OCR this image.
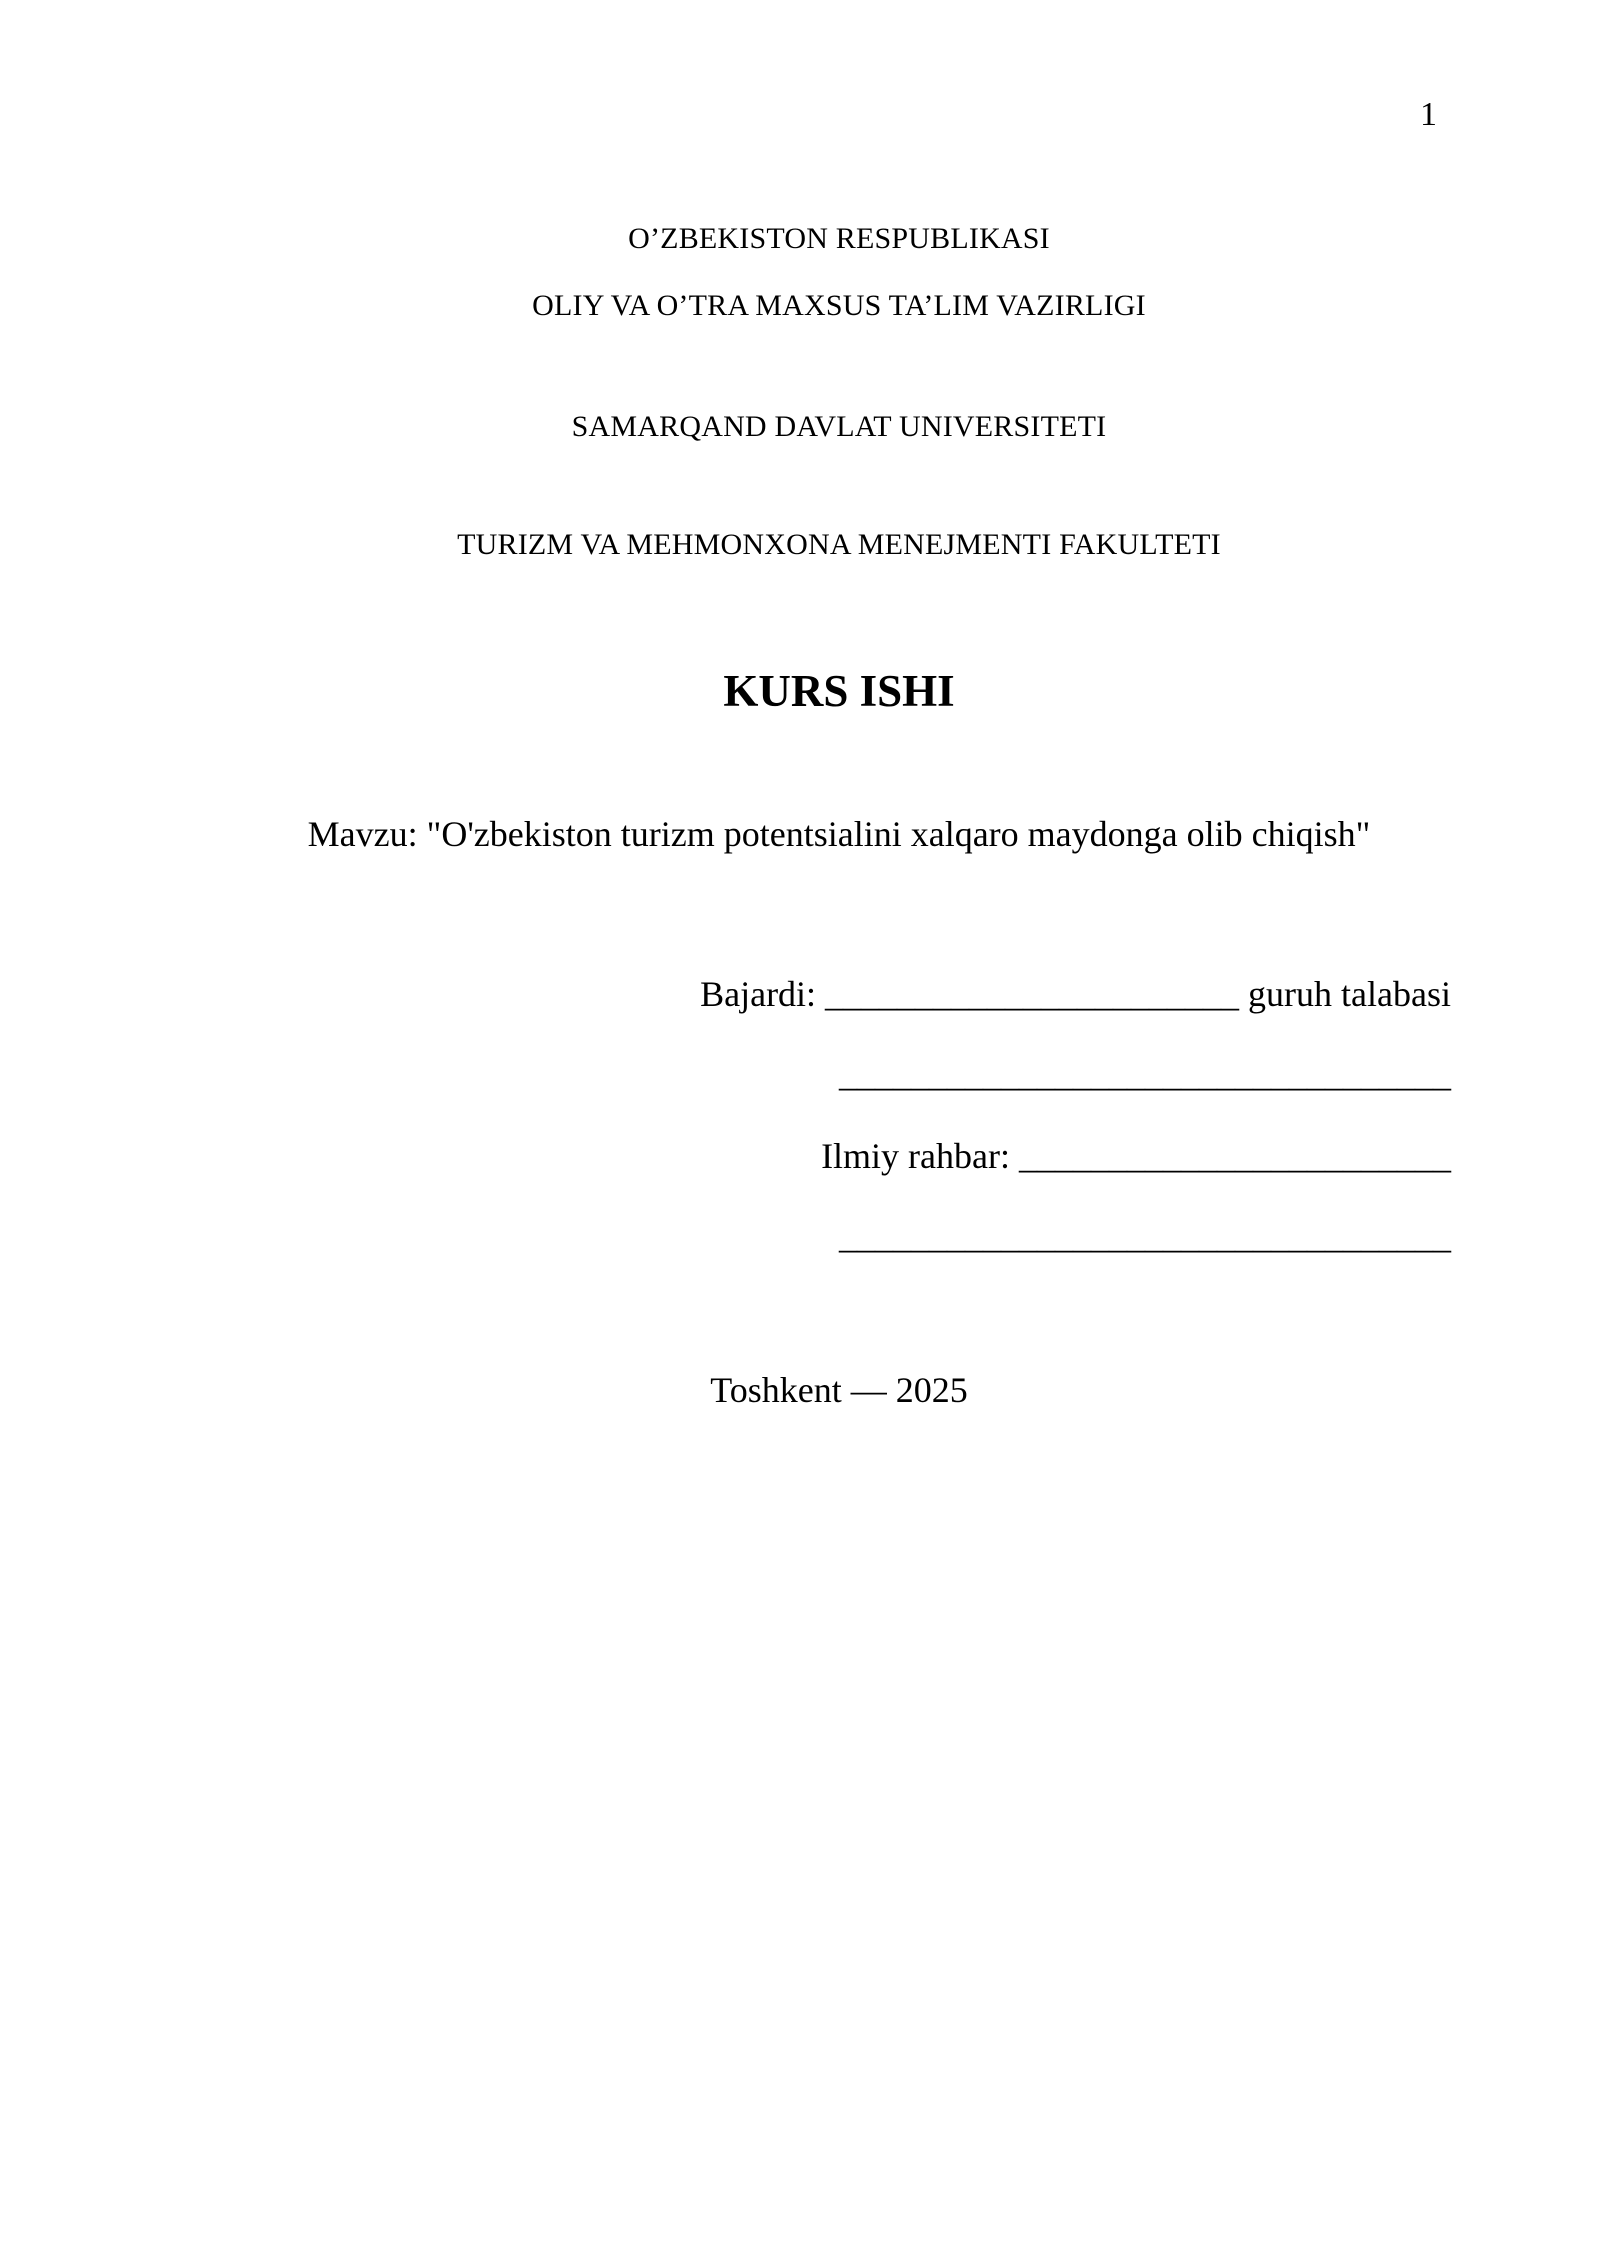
1
O’ZBEKISTON RESPUBLIKASI
OLIY VA O’TRA MAXSUS TA’LIM VAZIRLIGI
SAMARQAND DAVLAT UNIVERSITETI
TURIZM VA MEHMONXONA MENEJMENTI FAKULTETI
KURS ISHI
Mavzu: "O'zbekiston turizm potentsialini xalqaro maydonga olib chiqish"
Bajardi: _______________________ guruh talabasi
__________________________________
Ilmiy rahbar: ________________________
__________________________________
Toshkent — 2025
